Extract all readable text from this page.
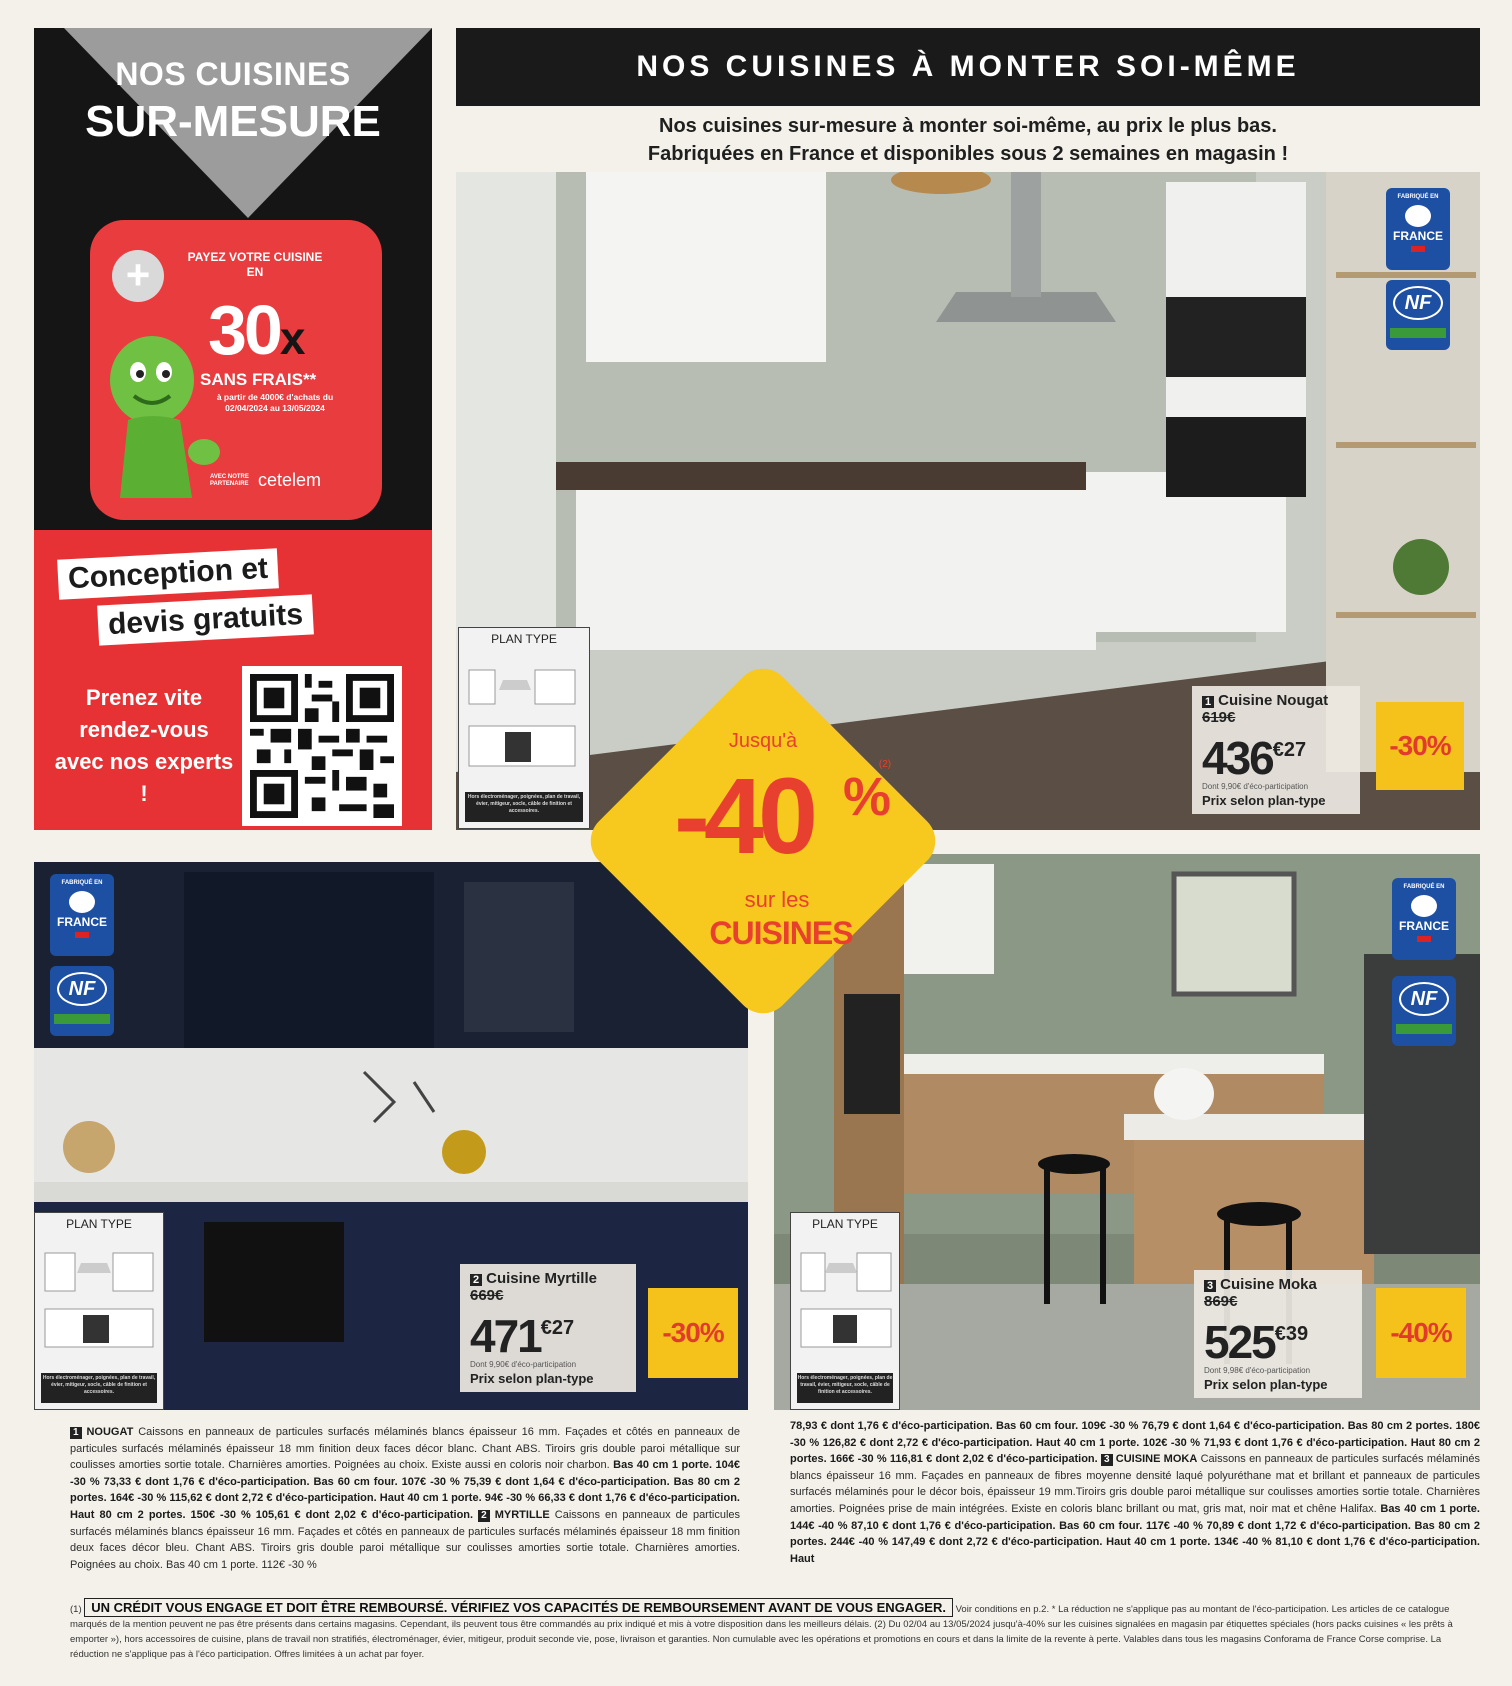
NOS CUISINES
SUR-MESURE
+	PAYEZ VOTRE CUISINE EN
30x
SANS FRAIS**
à partir de 4000€ d'achats du 02/04/2024 au 13/05/2024
AVEC NOTRE PARTENAIRE cetelem
Conception et
devis gratuits
Prenez vite rendez-vous avec nos experts !
NOS CUISINES À MONTER SOI-MÊME
Nos cuisines sur-mesure à monter soi-même, au prix le plus bas.
Fabriquées en France et disponibles sous 2 semaines en magasin !
PLAN TYPE
Hors électroménager, poignées, plan de travail, évier, mitigeur, socle, câble de finition et accessoires.
FABRIQUÉ EN
FRANCE
NF
1 Cuisine Nougat
619€
$436^{€27}$
Dont 9,90€ d'éco-participation
Prix selon plan-type
-30%
PLAN TYPE
Hors électroménager, poignées, plan de travail, évier, mitigeur, socle, câble de finition et accessoires.
FABRIQUÉ EN
FRANCE
NF
2 Cuisine Myrtille
669€
$471^{€27}$
Dont 9,90€ d'éco-participation
Prix selon plan-type
-30%
PLAN TYPE
Hors électroménager, poignées, plan de travail, évier, mitigeur, socle, câble de finition et accessoires.
FABRIQUÉ EN
FRANCE
NF
3 Cuisine Moka
869€
$525^{€39}$
Dont 9,98€ d'éco-participation
Prix selon plan-type
-40%
Jusqu'à
-40 %
(2)
sur les
CUISINES
1 NOUGAT Caissons en panneaux de particules surfacés mélaminés blancs épaisseur 16 mm. Façades et côtés en panneaux de particules surfacés mélaminés épaisseur 18 mm finition deux faces décor blanc. Chant ABS. Tiroirs gris double paroi métallique sur coulisses amorties sortie totale. Charnières amorties. Poignées au choix. Existe aussi en coloris noir charbon. Bas 40 cm 1 porte. 104€ -30 % 73,33 € dont 1,76 € d'éco-participation. Bas 60 cm four. 107€ -30 % 75,39 € dont 1,64 € d'éco-participation. Bas 80 cm 2 portes. 164€ -30 % 115,62 € dont 2,72 € d'éco-participation. Haut 40 cm 1 porte. 94€ -30 % 66,33 € dont 1,76 € d'éco-participation. Haut 80 cm 2 portes. 150€ -30 % 105,61 € dont 2,02 € d'éco-participation. 2 MYRTILLE Caissons en panneaux de particules surfacés mélaminés blancs épaisseur 16 mm. Façades et côtés en panneaux de particules surfacés mélaminés épaisseur 18 mm finition deux faces décor bleu. Chant ABS. Tiroirs gris double paroi métallique sur coulisses amorties sortie totale. Charnières amorties. Poignées au choix. Bas 40 cm 1 porte. 112€ -30 %
78,93 € dont 1,76 € d'éco-participation. Bas 60 cm four. 109€ -30 % 76,79 € dont 1,64 € d'éco-participation. Bas 80 cm 2 portes. 180€ -30 % 126,82 € dont 2,72 € d'éco-participation. Haut 40 cm 1 porte. 102€ -30 % 71,93 € dont 1,76 € d'éco-participation. Haut 80 cm 2 portes. 166€ -30 % 116,81 € dont 2,02 € d'éco-participation. 3 CUISINE MOKA Caissons en panneaux de particules surfacés mélaminés blancs épaisseur 16 mm. Façades en panneaux de fibres moyenne densité laqué polyuréthane mat et brillant et panneaux de particules surfacés mélaminés pour le décor bois, épaisseur 19 mm.Tiroirs gris double paroi métallique sur coulisses amorties sortie totale. Charnières amorties. Poignées prise de main intégrées. Existe en coloris blanc brillant ou mat, gris mat, noir mat et chêne Halifax. Bas 40 cm 1 porte. 144€ -40 % 87,10 € dont 1,76 € d'éco-participation. Bas 60 cm four. 117€ -40 % 70,89 € dont 1,72 € d'éco-participation. Bas 80 cm 2 portes. 244€ -40 % 147,49 € dont 2,72 € d'éco-participation. Haut 40 cm 1 porte. 134€ -40 % 81,10 € dont 1,76 € d'éco-participation. Haut
(1) UN CRÉDIT VOUS ENGAGE ET DOIT ÊTRE REMBOURSÉ. VÉRIFIEZ VOS CAPACITÉS DE REMBOURSEMENT AVANT DE VOUS ENGAGER. Voir conditions en p.2. * La réduction ne s'applique pas au montant de l'éco-participation. Les articles de ce catalogue marqués de la mention peuvent ne pas être présents dans certains magasins. Cependant, ils peuvent tous être commandés au prix indiqué et mis à votre disposition dans les meilleurs délais. (2) Du 02/04 au 13/05/2024 jusqu'à-40% sur les cuisines signalées en magasin par étiquettes spéciales (hors packs cuisines « les prêts à emporter »), hors accessoires de cuisine, plans de travail non stratifiés, électroménager, évier, mitigeur, produit seconde vie, pose, livraison et garanties. Non cumulable avec les opérations et promotions en cours et dans la limite de la revente à perte. Valables dans tous les magasins Conforama de France Corse comprise. La réduction ne s'applique pas à l'éco participation. Offres limitées à un achat par foyer.
